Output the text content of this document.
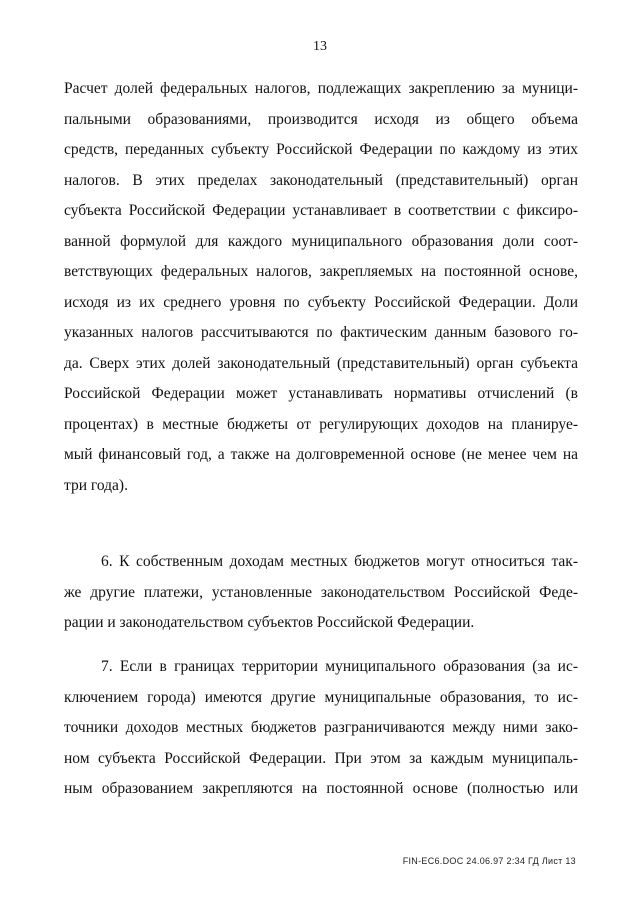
13
Расчет долей федеральных налогов, подлежащих закреплению за муници-
пальными образованиями, производится исходя из общего объема
средств, переданных субъекту Российской Федерации по каждому из этих
налогов. В этих пределах законодательный (представительный) орган
субъекта Российской Федерации устанавливает в соответствии с фиксиро-
ванной формулой для каждого муниципального образования доли соот-
ветствующих федеральных налогов, закрепляемых на постоянной основе,
исходя из их среднего уровня по субъекту Российской Федерации. Доли
указанных налогов рассчитываются по фактическим данным базового го-
да. Сверх этих долей законодательный (представительный) орган субъекта
Российской Федерации может устанавливать нормативы отчислений (в
процентах) в местные бюджеты от регулирующих доходов на планируе-
мый финансовый год, а также на долговременной основе (не менее чем на
три года).
6. К собственным доходам местных бюджетов могут относиться так-
же другие платежи, установленные законодательством Российской Феде-
рации и законодательством субъектов Российской Федерации.
7. Если в границах территории муниципального образования (за ис-
ключением города) имеются другие муниципальные образования, то ис-
точники доходов местных бюджетов разграничиваются между ними зако-
ном субъекта Российской Федерации. При этом за каждым муниципаль-
ным образованием закрепляются на постоянной основе (полностью или
FIN-EC6.DOC 24.06.97 2:34 ГД Лист 13
